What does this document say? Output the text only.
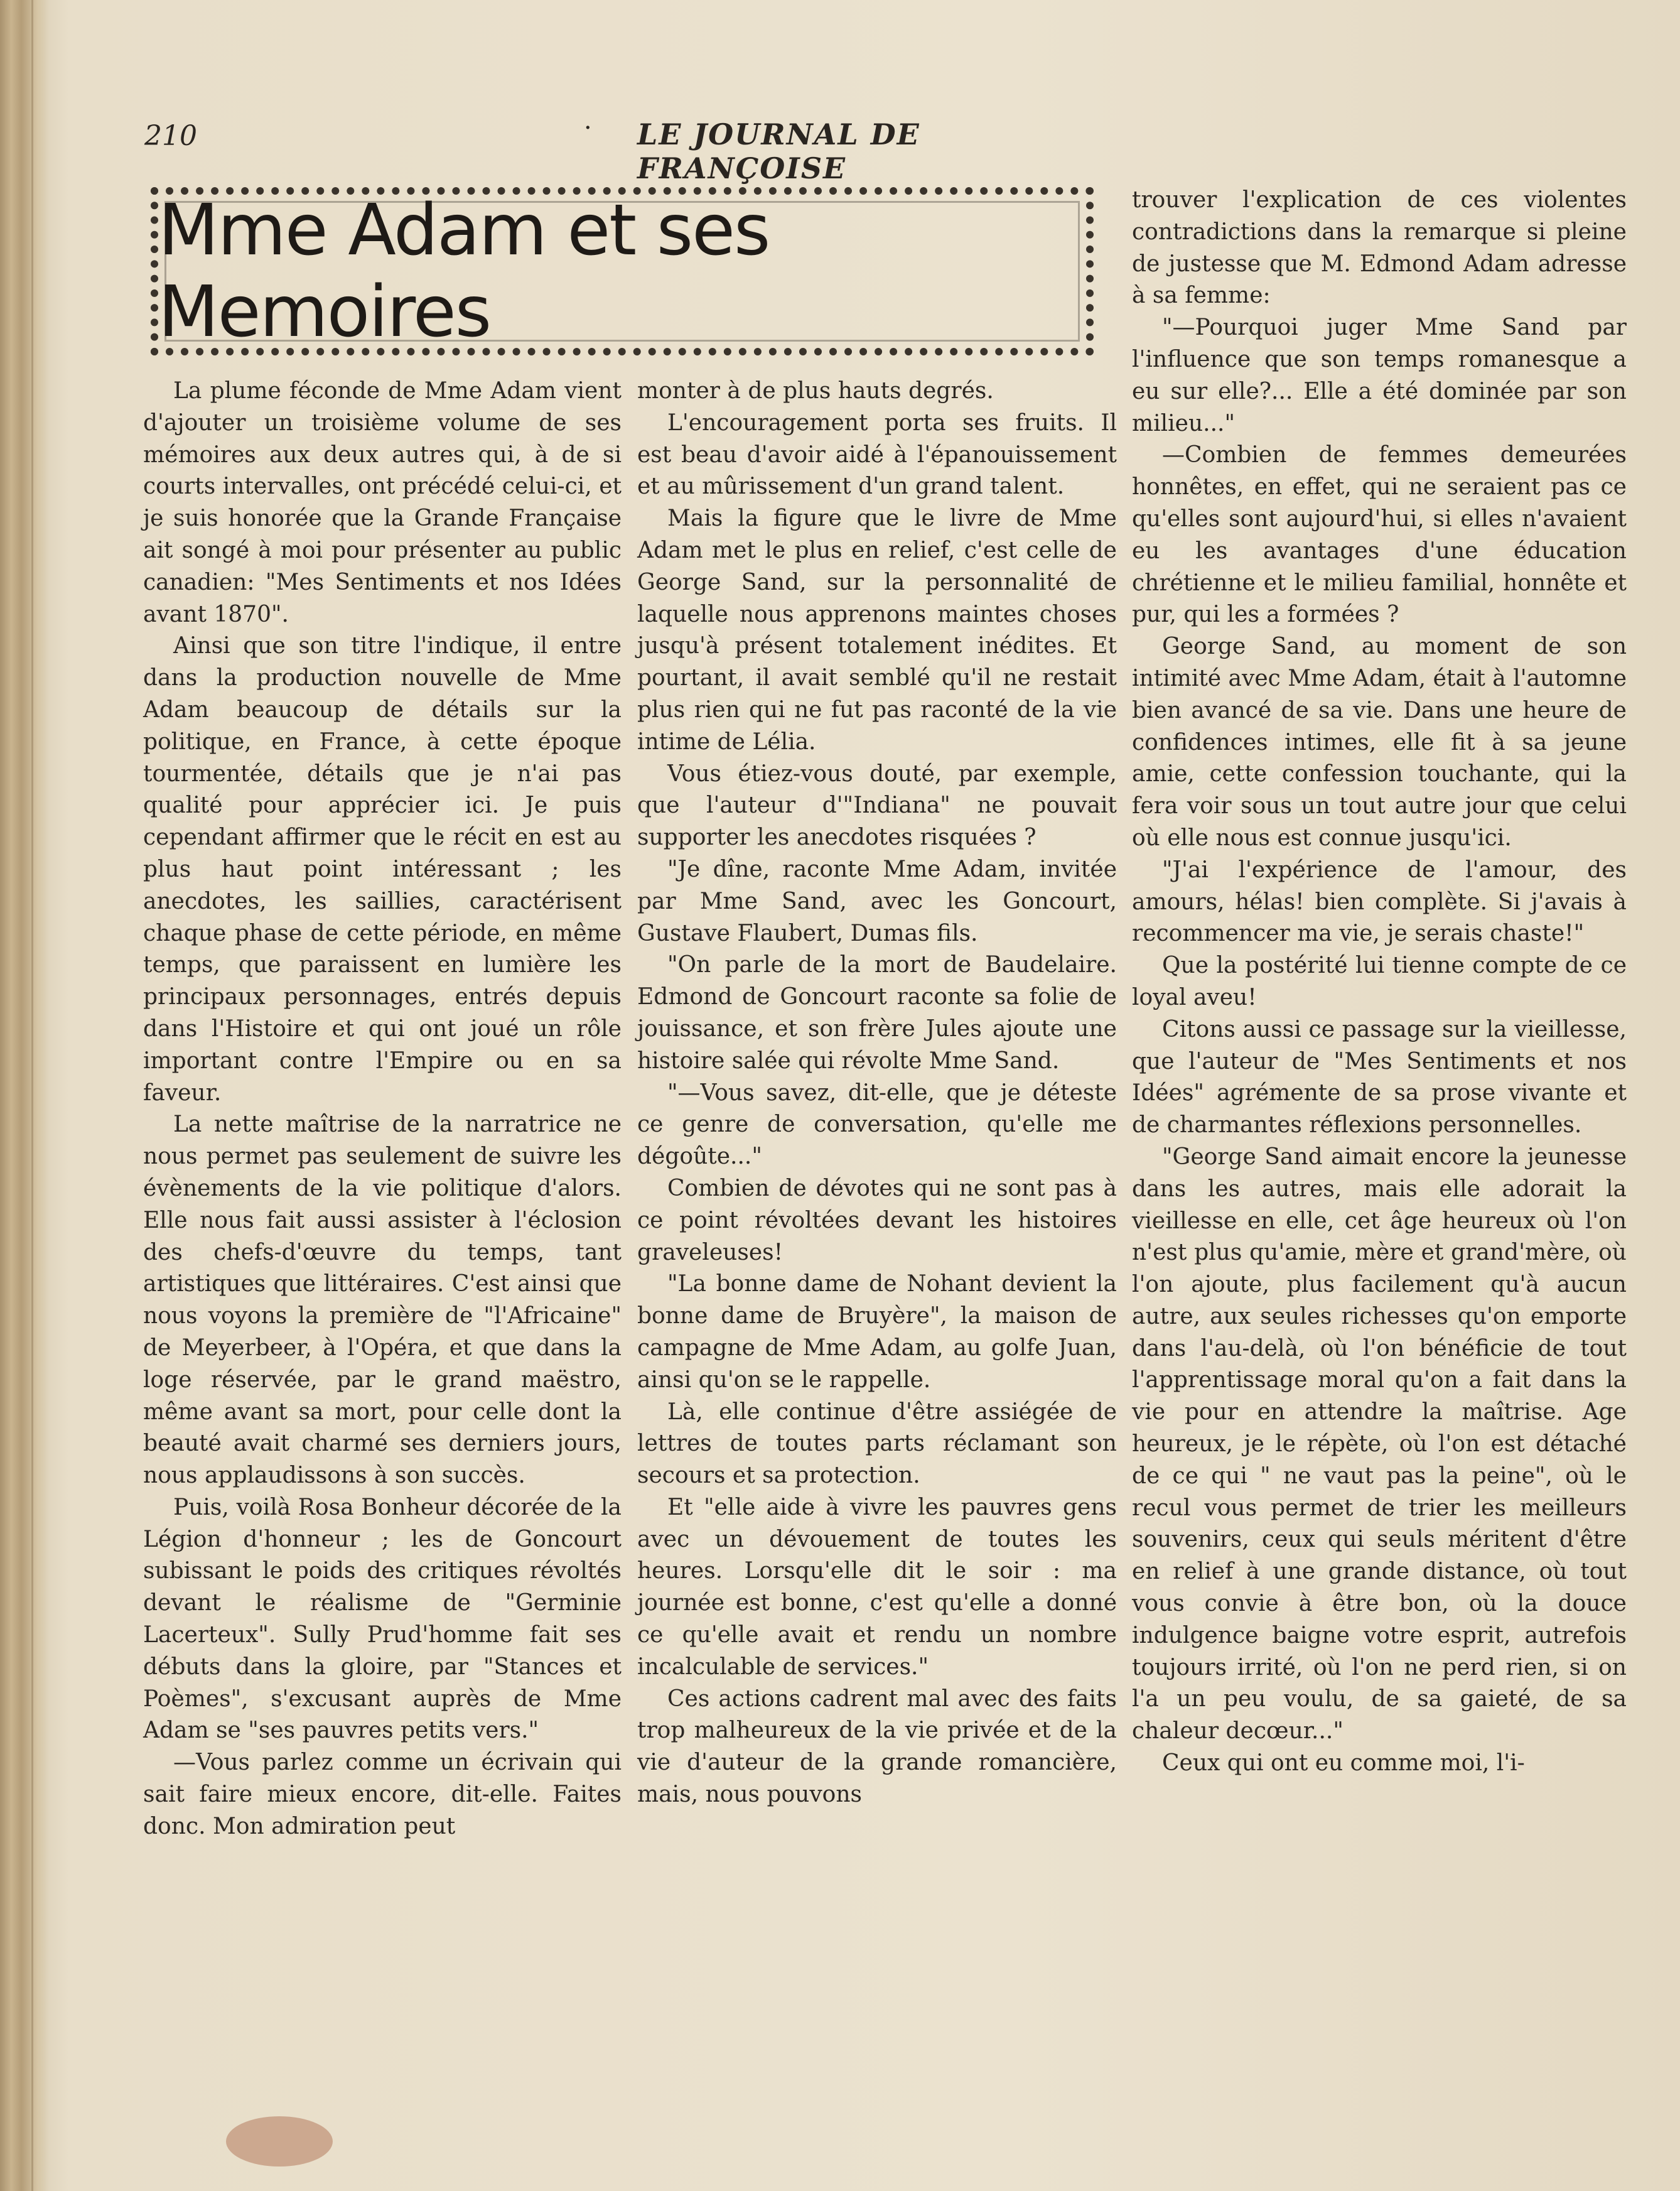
210	· LE JOURNAL DE FRANÇOISE
Mme Adam et ses Memoires

La plume féconde de Mme Adam vient d'ajouter un troisième volume de ses mémoires aux deux autres qui, à de si courts intervalles, ont précédé celui-ci, et je suis honorée que la Grande Française ait songé à moi pour présenter au public canadien: "Mes Sentiments et nos Idées avant 1870".

Ainsi que son titre l'indique, il entre dans la production nouvelle de Mme Adam beaucoup de détails sur la politique, en France, à cette époque tourmentée, détails que je n'ai pas qualité pour apprécier ici. Je puis cependant affirmer que le récit en est au plus haut point intéressant ; les anecdotes, les saillies, caractérisent chaque phase de cette période, en même temps, que paraissent en lumière les principaux personnages, entrés depuis dans l'Histoire et qui ont joué un rôle important contre l'Empire ou en sa faveur.

La nette maîtrise de la narratrice ne nous permet pas seulement de suivre les évènements de la vie politique d'alors. Elle nous fait aussi assister à l'éclosion des chefs-d'œuvre du temps, tant artistiques que littéraires. C'est ainsi que nous voyons la première de "l'Africaine" de Meyerbeer, à l'Opéra, et que dans la loge réservée, par le grand maëstro, même avant sa mort, pour celle dont la beauté avait charmé ses derniers jours, nous applaudissons à son succès.

Puis, voilà Rosa Bonheur décorée de la Légion d'honneur ; les de Goncourt subissant le poids des critiques révoltés devant le réalisme de "Germinie Lacerteux". Sully Prud'homme fait ses débuts dans la gloire, par "Stances et Poèmes", s'excusant auprès de Mme Adam se "ses pauvres petits vers."

—Vous parlez comme un écrivain qui sait faire mieux encore, dit-elle. Faites donc. Mon admiration peut

monter à de plus hauts degrés.

L'encouragement porta ses fruits. Il est beau d'avoir aidé à l'épanouissement et au mûrissement d'un grand talent.

Mais la figure que le livre de Mme Adam met le plus en relief, c'est celle de George Sand, sur la personnalité de laquelle nous apprenons maintes choses jusqu'à présent totalement inédites. Et pourtant, il avait semblé qu'il ne restait plus rien qui ne fut pas raconté de la vie intime de Lélia.

Vous étiez-vous douté, par exemple, que l'auteur d'"Indiana" ne pouvait supporter les anecdotes risquées ?

"Je dîne, raconte Mme Adam, invitée par Mme Sand, avec les Goncourt, Gustave Flaubert, Dumas fils.

"On parle de la mort de Baudelaire. Edmond de Goncourt raconte sa folie de jouissance, et son frère Jules ajoute une histoire salée qui révolte Mme Sand.

"—Vous savez, dit-elle, que je déteste ce genre de conversation, qu'elle me dégoûte..."

Combien de dévotes qui ne sont pas à ce point révoltées devant les histoires graveleuses!

"La bonne dame de Nohant devient la bonne dame de Bruyère", la maison de campagne de Mme Adam, au golfe Juan, ainsi qu'on se le rappelle.

Là, elle continue d'être assiégée de lettres de toutes parts réclamant son secours et sa protection.

Et "elle aide à vivre les pauvres gens avec un dévouement de toutes les heures. Lorsqu'elle dit le soir : ma journée est bonne, c'est qu'elle a donné ce qu'elle avait et rendu un nombre incalculable de services."

Ces actions cadrent mal avec des faits trop malheureux de la vie privée et de la vie d'auteur de la grande romancière, mais, nous pouvons

trouver l'explication de ces violentes contradictions dans la remarque si pleine de justesse que M. Edmond Adam adresse à sa femme:

"—Pourquoi juger Mme Sand par l'influence que son temps romanesque a eu sur elle?... Elle a été dominée par son milieu..."

—Combien de femmes demeurées honnêtes, en effet, qui ne seraient pas ce qu'elles sont aujourd'hui, si elles n'avaient eu les avantages d'une éducation chrétienne et le milieu familial, honnête et pur, qui les a formées ?

George Sand, au moment de son intimité avec Mme Adam, était à l'automne bien avancé de sa vie. Dans une heure de confidences intimes, elle fit à sa jeune amie, cette confession touchante, qui la fera voir sous un tout autre jour que celui où elle nous est connue jusqu'ici.

"J'ai l'expérience de l'amour, des amours, hélas! bien complète. Si j'avais à recommencer ma vie, je serais chaste!"

Que la postérité lui tienne compte de ce loyal aveu!

Citons aussi ce passage sur la vieillesse, que l'auteur de "Mes Sentiments et nos Idées" agrémente de sa prose vivante et de charmantes réflexions personnelles.

"George Sand aimait encore la jeunesse dans les autres, mais elle adorait la vieillesse en elle, cet âge heureux où l'on n'est plus qu'amie, mère et grand'mère, où l'on ajoute, plus facilement qu'à aucun autre, aux seules richesses qu'on emporte dans l'au-delà, où l'on bénéficie de tout l'apprentissage moral qu'on a fait dans la vie pour en attendre la maîtrise. Age heureux, je le répète, où l'on est détaché de ce qui " ne vaut pas la peine", où le recul vous permet de trier les meilleurs souvenirs, ceux qui seuls méritent d'être en relief à une grande distance, où tout vous convie à être bon, où la douce indulgence baigne votre esprit, autrefois toujours irrité, où l'on ne perd rien, si on l'a un peu voulu, de sa gaieté, de sa chaleur decœur..."

Ceux qui ont eu comme moi, l'i-
